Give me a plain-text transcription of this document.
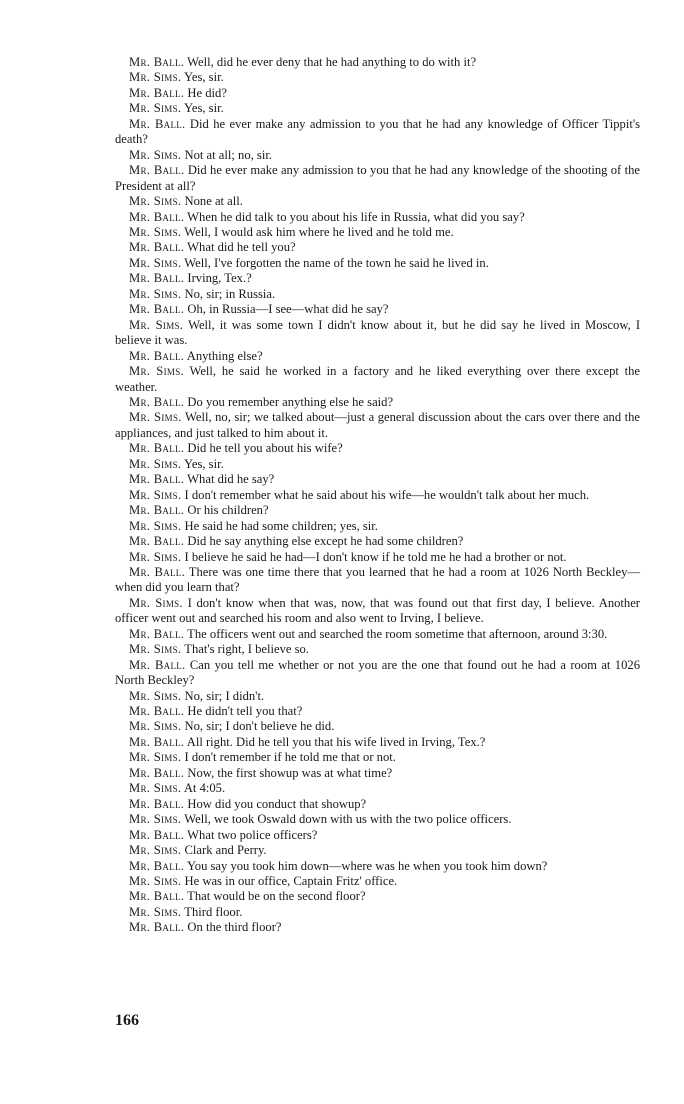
Mr. Ball. Well, did he ever deny that he had anything to do with it?

Mr. Sims. Yes, sir.

Mr. Ball. He did?

Mr. Sims. Yes, sir.

Mr. Ball. Did he ever make any admission to you that he had any knowledge of Officer Tippit's death?

Mr. Sims. Not at all; no, sir.

Mr. Ball. Did he ever make any admission to you that he had any knowledge of the shooting of the President at all?

Mr. Sims. None at all.

Mr. Ball. When he did talk to you about his life in Russia, what did you say?

Mr. Sims. Well, I would ask him where he lived and he told me.

Mr. Ball. What did he tell you?

Mr. Sims. Well, I've forgotten the name of the town he said he lived in.

Mr. Ball. Irving, Tex.?

Mr. Sims. No, sir; in Russia.

Mr. Ball. Oh, in Russia—I see—what did he say?

Mr. Sims. Well, it was some town I didn't know about it, but he did say he lived in Moscow, I believe it was.

Mr. Ball. Anything else?

Mr. Sims. Well, he said he worked in a factory and he liked everything over there except the weather.

Mr. Ball. Do you remember anything else he said?

Mr. Sims. Well, no, sir; we talked about—just a general discussion about the cars over there and the appliances, and just talked to him about it.

Mr. Ball. Did he tell you about his wife?

Mr. Sims. Yes, sir.

Mr. Ball. What did he say?

Mr. Sims. I don't remember what he said about his wife—he wouldn't talk about her much.

Mr. Ball. Or his children?

Mr. Sims. He said he had some children; yes, sir.

Mr. Ball. Did he say anything else except he had some children?

Mr. Sims. I believe he said he had—I don't know if he told me he had a brother or not.

Mr. Ball. There was one time there that you learned that he had a room at 1026 North Beckley—when did you learn that?

Mr. Sims. I don't know when that was, now, that was found out that first day, I believe. Another officer went out and searched his room and also went to Irving, I believe.

Mr. Ball. The officers went out and searched the room sometime that afternoon, around 3:30.

Mr. Sims. That's right, I believe so.

Mr. Ball. Can you tell me whether or not you are the one that found out he had a room at 1026 North Beckley?

Mr. Sims. No, sir; I didn't.

Mr. Ball. He didn't tell you that?

Mr. Sims. No, sir; I don't believe he did.

Mr. Ball. All right. Did he tell you that his wife lived in Irving, Tex.?

Mr. Sims. I don't remember if he told me that or not.

Mr. Ball. Now, the first showup was at what time?

Mr. Sims. At 4:05.

Mr. Ball. How did you conduct that showup?

Mr. Sims. Well, we took Oswald down with us with the two police officers.

Mr. Ball. What two police officers?

Mr. Sims. Clark and Perry.

Mr. Ball. You say you took him down—where was he when you took him down?

Mr. Sims. He was in our office, Captain Fritz' office.

Mr. Ball. That would be on the second floor?

Mr. Sims. Third floor.

Mr. Ball. On the third floor?

166
